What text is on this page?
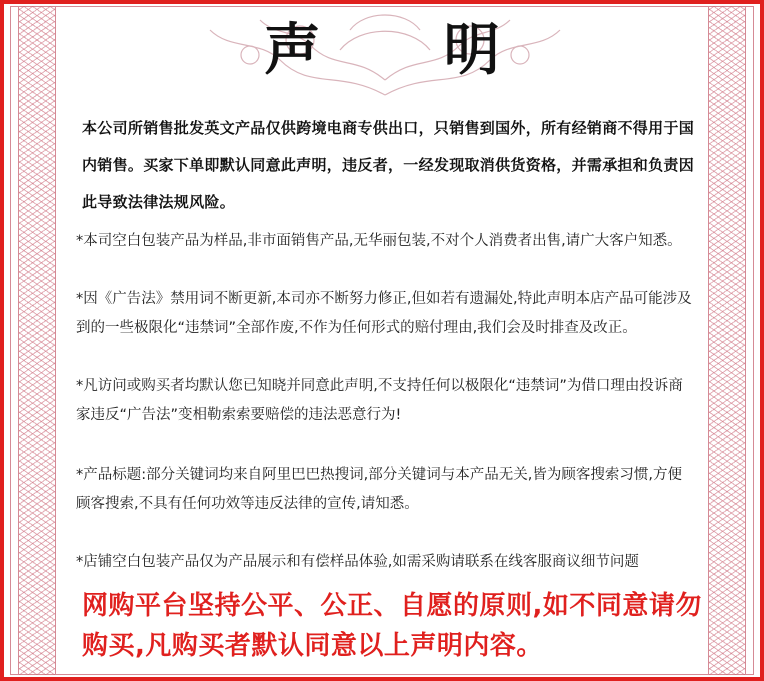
声 明
本公司所销售批发英文产品仅供跨境电商专供出口，只销售到国外，所有经销商不得用于国内销售。买家下单即默认同意此声明，违反者，一经发现取消供货资格，并需承担和负责因此导致法律法规风险。
*本司空白包装产品为样品,非市面销售产品,无华丽包装,不对个人消费者出售,请广大客户知悉。
*因《广告法》禁用词不断更新,本司亦不断努力修正,但如若有遗漏处,特此声明本店产品可能涉及到的一些极限化“违禁词”全部作废,不作为任何形式的赔付理由,我们会及时排查及改正。
*凡访问或购买者均默认您已知晓并同意此声明,不支持任何以极限化“违禁词”为借口理由投诉商家违反“广告法”变相勒索索要赔偿的违法恶意行为!
*产品标题:部分关键词均来自阿里巴巴热搜词,部分关键词与本产品无关,皆为顾客搜索习惯,方便顾客搜索,不具有任何功效等违反法律的宣传,请知悉。
*店铺空白包装产品仅为产品展示和有偿样品体验,如需采购请联系在线客服商议细节问题
网购平台坚持公平、公正、自愿的原则,如不同意请勿购买,凡购买者默认同意以上声明内容。
